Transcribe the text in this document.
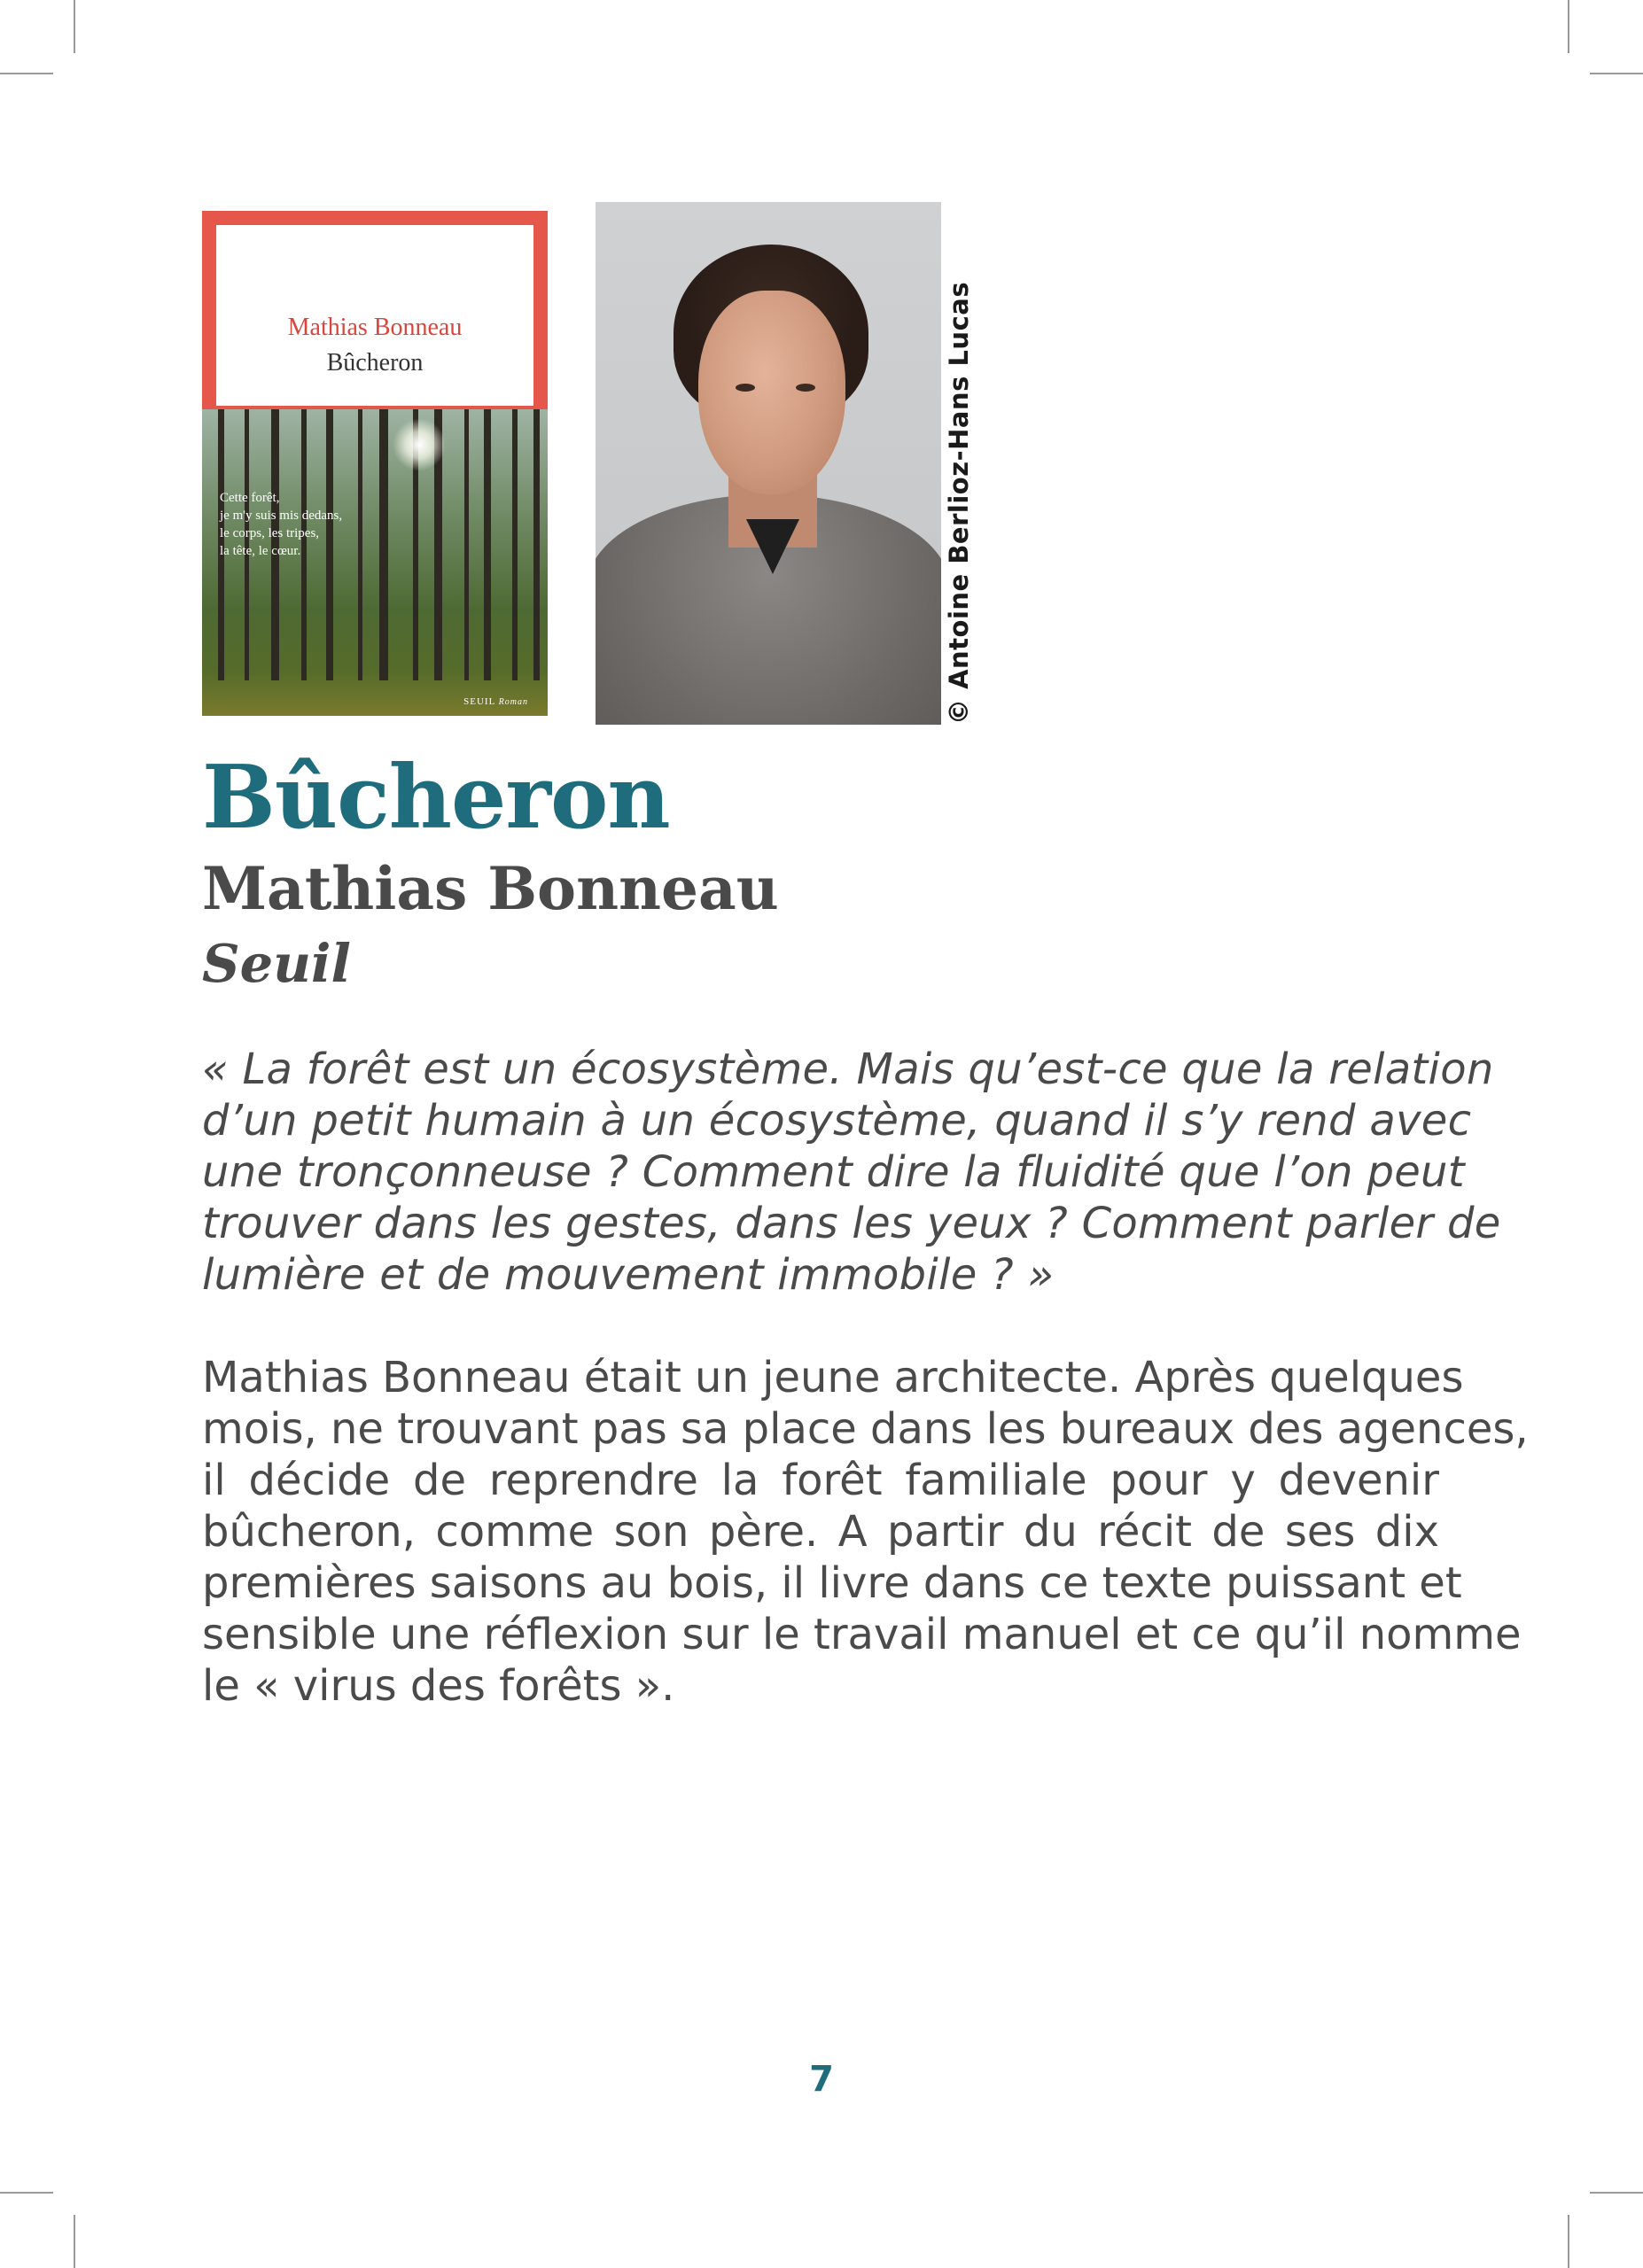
Mathias Bonneau
Bûcheron
Cette forêt,
je m'y suis mis dedans,
le corps, les tripes,
la tête, le cœur.
SEUIL Roman	© Antoine Berlioz-Hans Lucas
Bûcheron
Mathias Bonneau
Seuil
« La forêt est un écosystème. Mais qu’est-ce que la relation
d’un petit humain à un écosystème, quand il s’y rend avec
une tronçonneuse ? Comment dire la fluidité que l’on peut
trouver dans les gestes, dans les yeux ? Comment parler de
lumière et de mouvement immobile ? »
Mathias Bonneau était un jeune architecte. Après quelques
mois, ne trouvant pas sa place dans les bureaux des agences,
il décide de reprendre la forêt familiale pour y devenir
bûcheron, comme son père. A partir du récit de ses dix
premières saisons au bois, il livre dans ce texte puissant et
sensible une réflexion sur le travail manuel et ce qu’il nomme
le « virus des forêts ».
7
